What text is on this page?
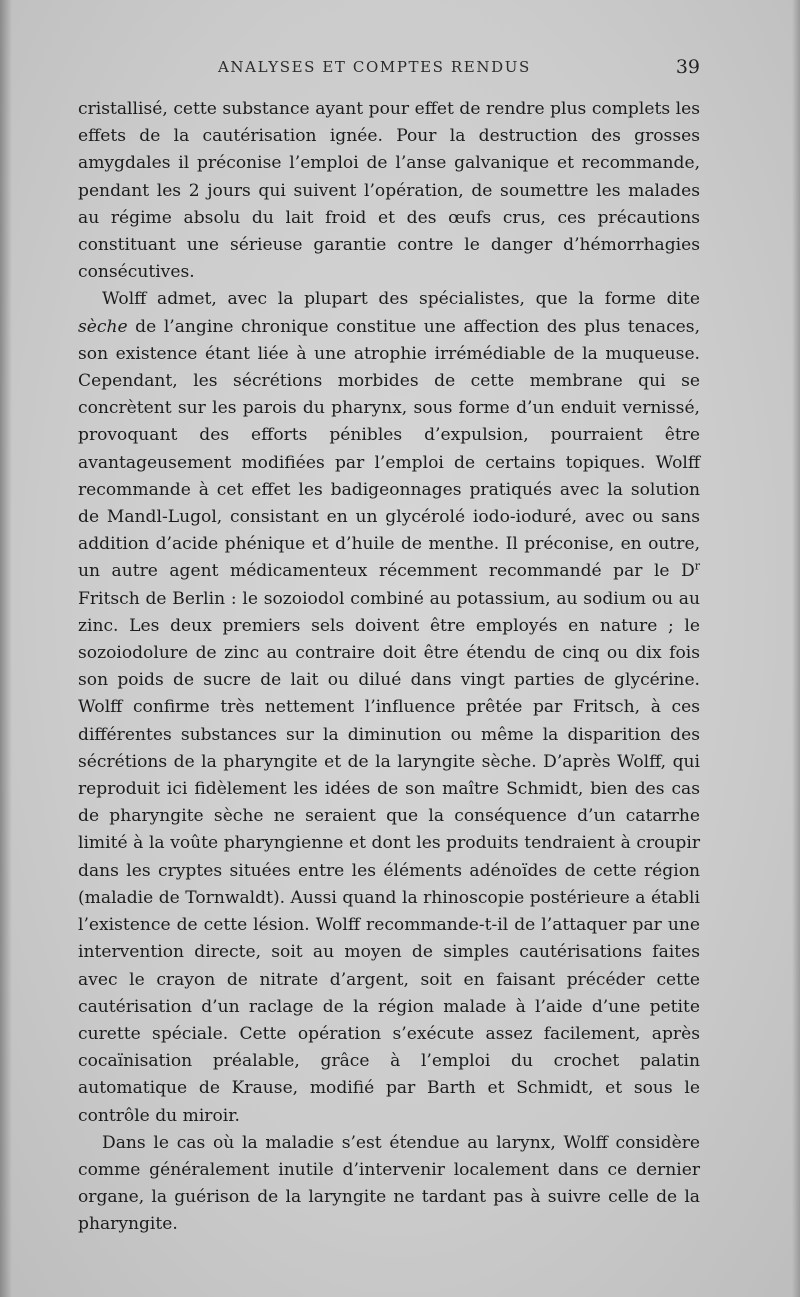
ANALYSES ET COMPTES RENDUS	39

cristallisé, cette substance ayant pour effet de rendre plus complets les effets de la cautérisation ignée. Pour la destruction des grosses amygdales il préconise l’emploi de l’anse galvanique et recommande, pendant les 2 jours qui suivent l’opération, de soumettre les malades au régime absolu du lait froid et des œufs crus, ces précautions constituant une sérieuse garantie contre le danger d’hémorrhagies consécutives.

Wolff admet, avec la plupart des spécialistes, que la forme dite sèche de l’angine chronique constitue une affection des plus tenaces, son existence étant liée à une atrophie irrémédiable de la muqueuse. Cependant, les sécrétions morbides de cette membrane qui se concrètent sur les parois du pharynx, sous forme d’un enduit vernissé, provoquant des efforts pénibles d’expulsion, pourraient être avantageusement modifiées par l’emploi de certains topiques. Wolff recommande à cet effet les badigeonnages pratiqués avec la solution de Mandl-Lugol, consistant en un glycérolé iodo-ioduré, avec ou sans addition d’acide phénique et d’huile de menthe. Il préconise, en outre, un autre agent médicamenteux récemment recommandé par le $D^r$ Fritsch de Berlin : le sozoiodol combiné au potassium, au sodium ou au zinc. Les deux premiers sels doivent être employés en nature ; le sozoiodolure de zinc au contraire doit être étendu de cinq ou dix fois son poids de sucre de lait ou dilué dans vingt parties de glycérine. Wolff confirme très nettement l’influence prêtée par Fritsch, à ces différentes substances sur la diminution ou même la disparition des sécrétions de la pharyngite et de la laryngite sèche. D’après Wolff, qui reproduit ici fidèlement les idées de son maître Schmidt, bien des cas de pharyngite sèche ne seraient que la conséquence d’un catarrhe limité à la voûte pharyngienne et dont les produits tendraient à croupir dans les cryptes situées entre les éléments adénoïdes de cette région (maladie de Tornwaldt). Aussi quand la rhinoscopie postérieure a établi l’existence de cette lésion. Wolff recommande-t-il de l’attaquer par une intervention directe, soit au moyen de simples cautérisations faites avec le crayon de nitrate d’argent, soit en faisant précéder cette cautérisation d’un raclage de la région malade à l’aide d’une petite curette spéciale. Cette opération s’exécute assez facilement, après cocaïnisation préalable, grâce à l’emploi du crochet palatin automatique de Krause, modifié par Barth et Schmidt, et sous le contrôle du miroir.

Dans le cas où la maladie s’est étendue au larynx, Wolff considère comme généralement inutile d’intervenir localement dans ce dernier organe, la guérison de la laryngite ne tardant pas à suivre celle de la pharyngite.
